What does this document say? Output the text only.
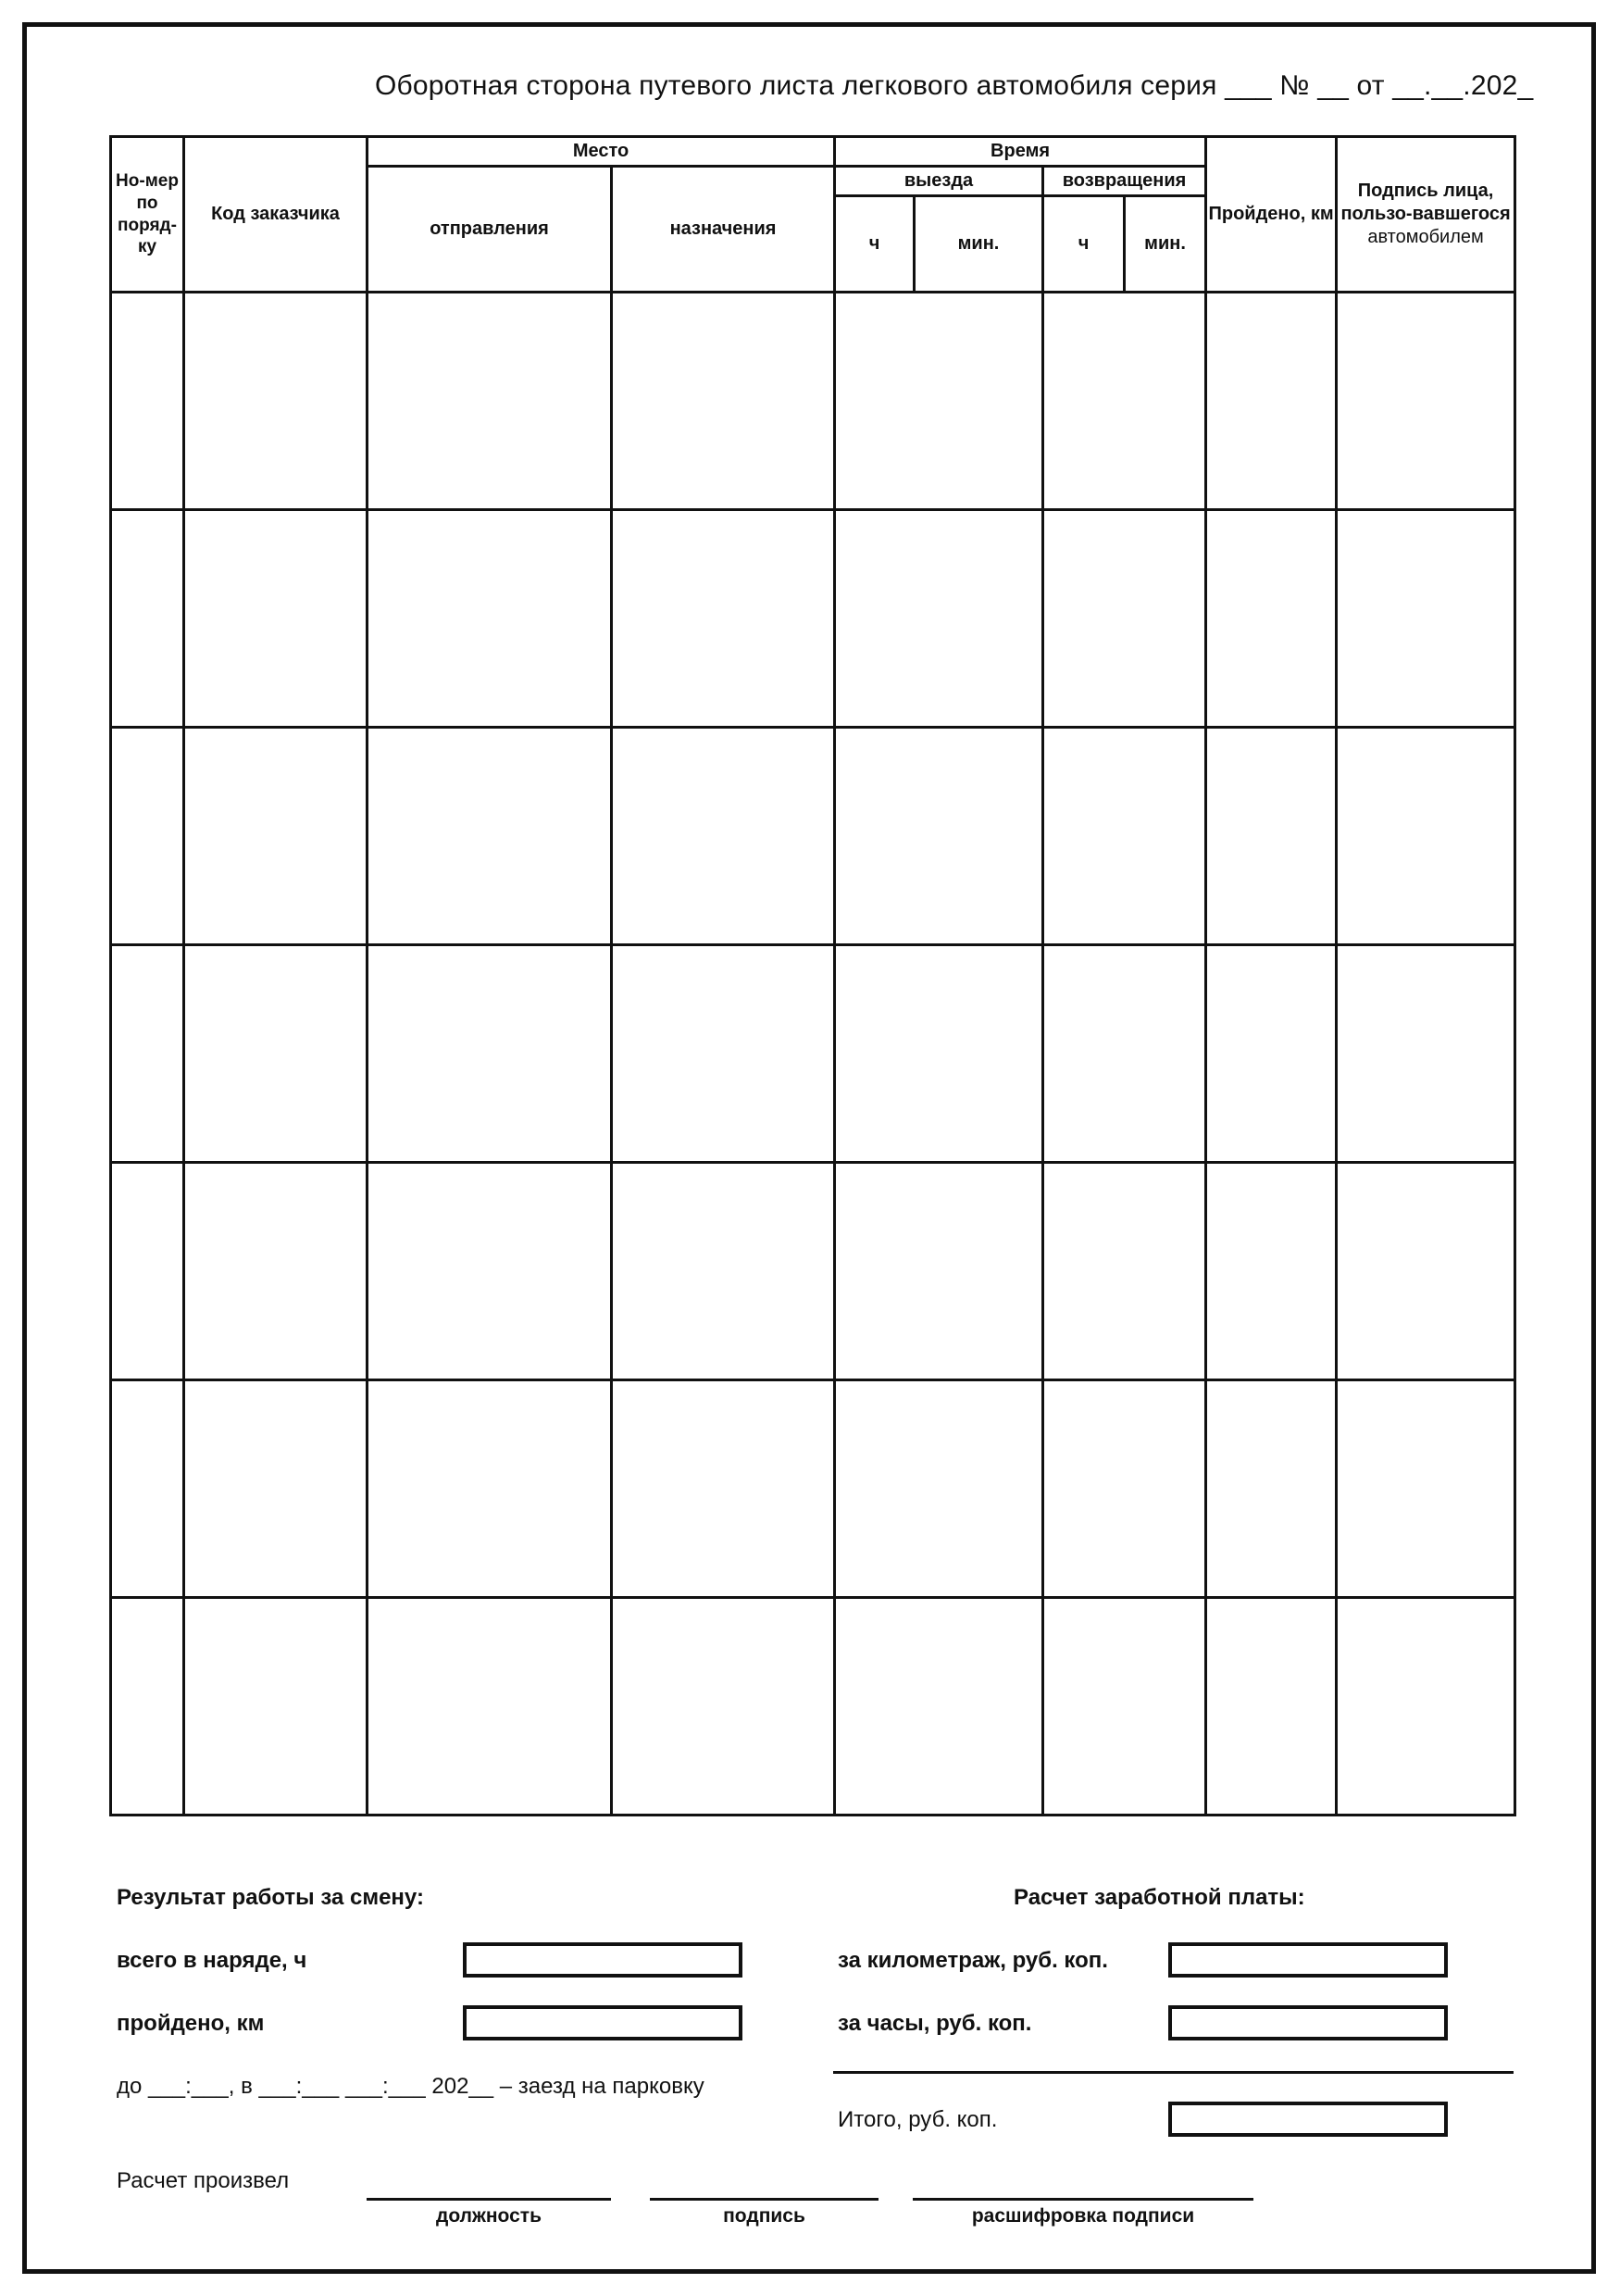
Оборотная сторона путевого листа легкового автомобиля серия ___ № __ от __.__.202_
Но-мер по поряд-ку	Код заказчика	Место		Время				Пройдено, км	Подпись лица, пользо-вавшегося
автомобилем

		отправления	назначения	выезда		возвращения			
				ч	мин.	ч	мин.		

Результат работы за смену:
всего в наряде, ч
пройдено, км
до ___:___, в ___:___ ___:___ 202__ – заезд на парковку
Расчет заработной платы:
за километраж, руб. коп.
за часы, руб. коп.
Итого, руб. коп.
Расчет произвел
должность	подпись	расшифровка подписи
